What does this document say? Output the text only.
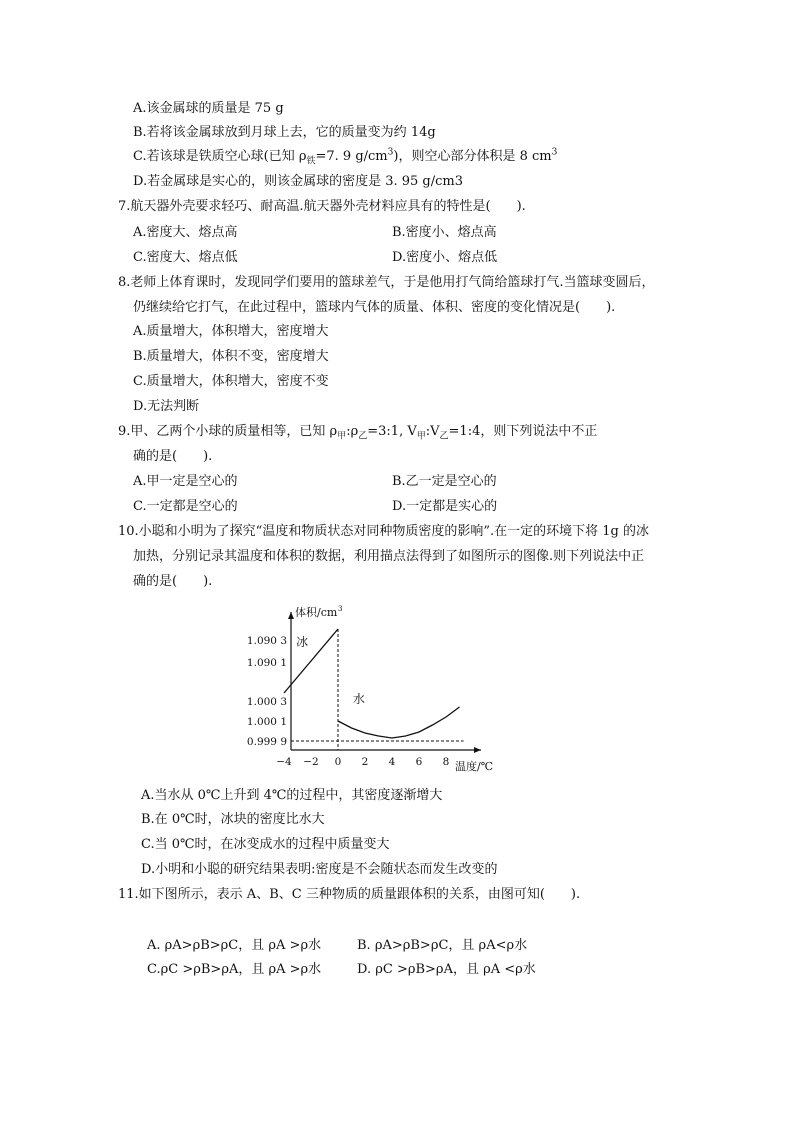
A.该金属球的质量是 75 g
B.若将该金属球放到月球上去，它的质量变为约 14g
C.若该球是铁质空心球(已知 $\rho_铁=7$. 9 $g/cm^3$)，则空心部分体积是 8 $cm^3$
D.若金属球是实心的，则该金属球的密度是 3. 95 g/cm3
7.航天器外壳要求轻巧、耐高温.航天器外壳材料应具有的特性是(　　).
A.密度大、熔点高	B.密度小、熔点高
C.密度大、熔点低	D.密度小、熔点低
8.老师上体育课时，发现同学们要用的篮球差气，于是他用打气筒给篮球打气.当篮球变圆后，
仍继续给它打气，在此过程中，篮球内气体的质量、体积、密度的变化情况是(　　).
A.质量增大，体积增大，密度增大
B.质量增大，体积不变，密度增大
C.质量增大，体积增大，密度不变
D.无法判断
9.甲、乙两个小球的质量相等，已知 $\rho_甲:\rho_乙=3:1$, $V_甲:V_乙=1:4$，则下列说法中不正
确的是(　　).
A.甲一定是空心的	B.乙一定是空心的
C.一定都是空心的	D.一定都是实心的
10.小聪和小明为了探究“温度和物质状态对同种物质密度的影响”.在一定的环境下将 1g 的冰
加热，分别记录其温度和体积的数据，利用描点法得到了如图所示的图像.则下列说法中正
确的是(　　).
体积/cm 3
温度/℃
−4 −2 0 2 4 6 8
1.090 3
1.090 1
1.000 3
1.000 1
0.999 9
冰
水
A.当水从 0℃上升到 4℃的过程中，其密度逐渐增大
B.在 0℃时，冰块的密度比水大
C.当 0℃时，在冰变成水的过程中质量变大
D.小明和小聪的研究结果表明:密度是不会随状态而发生改变的
11.如下图所示，表示 A、B、C 三种物质的质量跟体积的关系，由图可知(　　).
A. ρA>ρB>ρC，且 ρA >ρ水	B. ρA>ρB>ρC，且 ρA<ρ水
C.ρC >ρB>ρA，且 ρA >ρ水	D. ρC >ρB>ρA，且 ρA <ρ水
